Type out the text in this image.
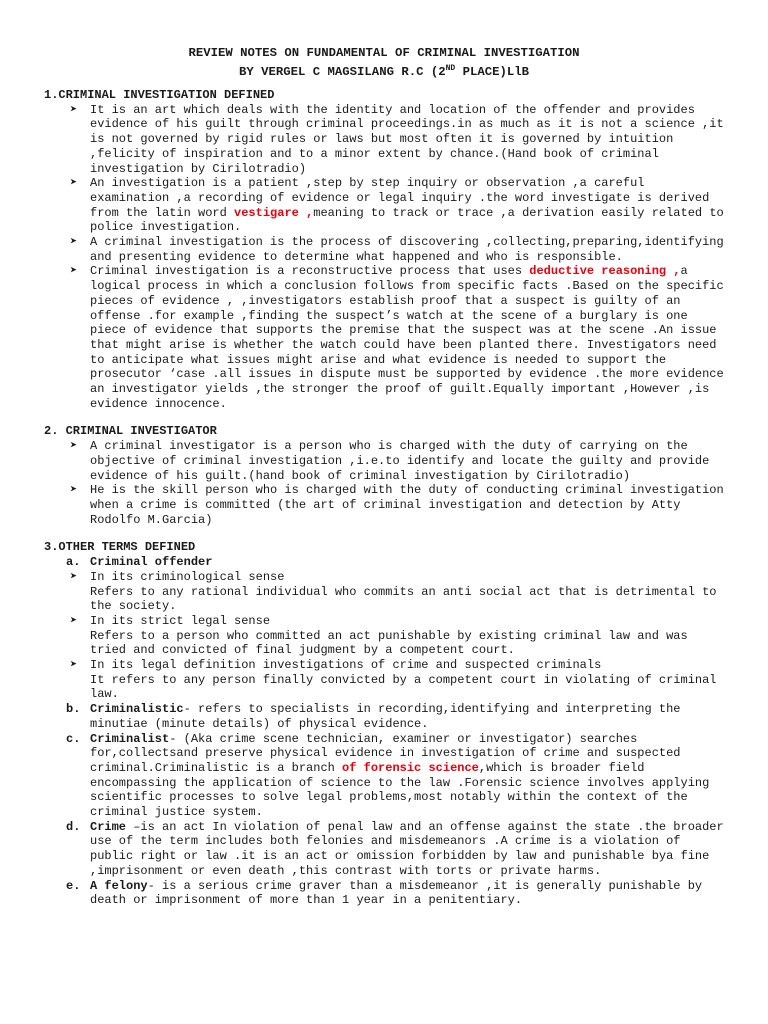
REVIEW NOTES ON FUNDAMENTAL OF CRIMINAL INVESTIGATION
BY VERGEL C MAGSILANG R.C (2ND PLACE)LlB
1.CRIMINAL INVESTIGATION DEFINED
➤ It is an art which deals with the identity and location of the offender and provides evidence of his guilt through criminal proceedings.in as much as it is not a science ,it is not governed by rigid rules or laws but most often it is governed by intuition ,felicity of inspiration and to a minor extent by chance.(Hand book of criminal investigation by Cirilotradio)
➤ An investigation is a patient ,step by step inquiry or observation ,a careful examination ,a recording of evidence or legal inquiry .the word investigate is derived from the latin word vestigare ,meaning to track or trace ,a derivation easily related to police investigation.
➤ A criminal investigation is the process of discovering ,collecting,preparing,identifying and presenting evidence to determine what happened and who is responsible.
➤ Criminal investigation is a reconstructive process that uses deductive reasoning ,a logical process in which a conclusion follows from specific facts .Based on the specific pieces of evidence , ,investigators establish proof that a suspect is guilty of an offense .for example ,finding the suspect’s watch at the scene of a burglary is one piece of evidence that supports the premise that the suspect was at the scene .An issue that might arise is whether the watch could have been planted there. Investigators need to anticipate what issues might arise and what evidence is needed to support the prosecutor ‘case .all issues in dispute must be supported by evidence .the more evidence an investigator yields ,the stronger the proof of guilt.Equally important ,However ,is evidence innocence.
2. CRIMINAL INVESTIGATOR
➤ A criminal investigator is a person who is charged with the duty of carrying on the objective of criminal investigation ,i.e.to identify and locate the guilty and provide evidence of his guilt.(hand book of criminal investigation by Cirilotradio)
➤ He is the skill person who is charged with the duty of conducting criminal investigation when a crime is committed (the art of criminal investigation and detection by Atty Rodolfo M.Garcia)
3.OTHER TERMS DEFINED
a. Criminal offender
➤ In its criminological sense
Refers to any rational individual who commits an anti social act that is detrimental to the society.
➤ In its strict legal sense
Refers to a person who committed an act punishable by existing criminal law and was tried and convicted of final judgment by a competent court.
➤ In its legal definition investigations of crime and suspected criminals
It refers to any person finally convicted by a competent court in violating of criminal law.
b. Criminalistic- refers to specialists in recording,identifying and interpreting the minutiae (minute details) of physical evidence.
c. Criminalist- (Aka crime scene technician, examiner or investigator) searches for,collectsand preserve physical evidence in investigation of crime and suspected criminal.Criminalistic is a branch of forensic science,which is broader field encompassing the application of science to the law .Forensic science involves applying scientific processes to solve legal problems,most notably within the context of the criminal justice system.
d. Crime –is an act In violation of penal law and an offense against the state .the broader use of the term includes both felonies and misdemeanors .A crime is a violation of public right or law .it is an act or omission forbidden by law and punishable bya fine ,imprisonment or even death ,this contrast with torts or private harms.
e. A felony- is a serious crime graver than a misdemeanor ,it is generally punishable by death or imprisonment of more than 1 year in a penitentiary.
